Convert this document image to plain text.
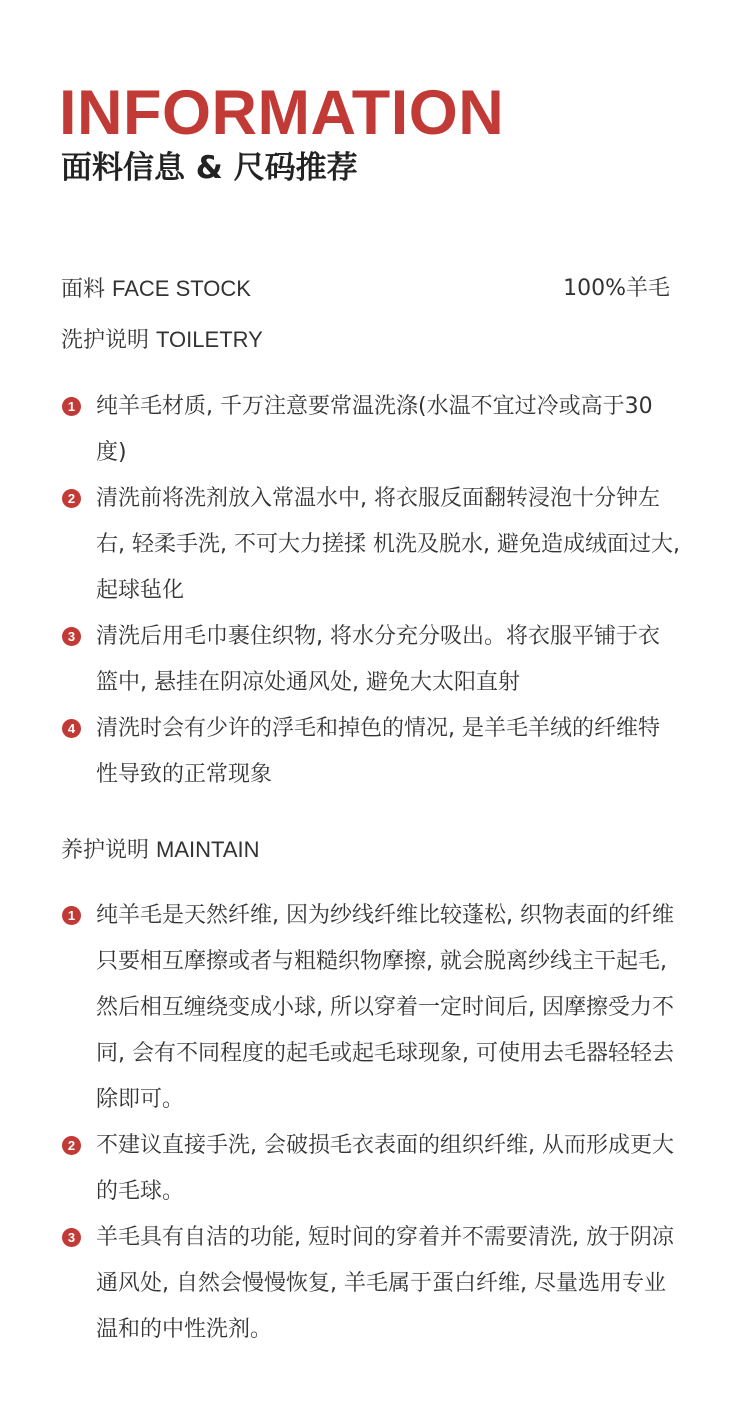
INFORMATION
面料信息 & 尺码推荐
面料 FACE STOCK	100%羊毛
洗护说明 TOILETRY
1 纯羊毛材质, 千万注意要常温洗涤(水温不宜过冷或高于30度)
2 清洗前将洗剂放入常温水中, 将衣服反面翻转浸泡十分钟左右, 轻柔手洗, 不可大力搓揉 机洗及脱水, 避免造成绒面过大, 起球毡化
3 清洗后用毛巾裹住织物, 将水分充分吸出。将衣服平铺于衣篮中, 悬挂在阴凉处通风处, 避免大太阳直射
4 清洗时会有少许的浮毛和掉色的情况, 是羊毛羊绒的纤维特性导致的正常现象
养护说明 MAINTAIN
1 纯羊毛是天然纤维, 因为纱线纤维比较蓬松, 织物表面的纤维只要相互摩擦或者与粗糙织物摩擦, 就会脱离纱线主干起毛, 然后相互缠绕变成小球, 所以穿着一定时间后, 因摩擦受力不同, 会有不同程度的起毛或起毛球现象, 可使用去毛器轻轻去除即可。
2 不建议直接手洗, 会破损毛衣表面的组织纤维, 从而形成更大的毛球。
3 羊毛具有自洁的功能, 短时间的穿着并不需要清洗, 放于阴凉通风处, 自然会慢慢恢复, 羊毛属于蛋白纤维, 尽量选用专业温和的中性洗剂。
